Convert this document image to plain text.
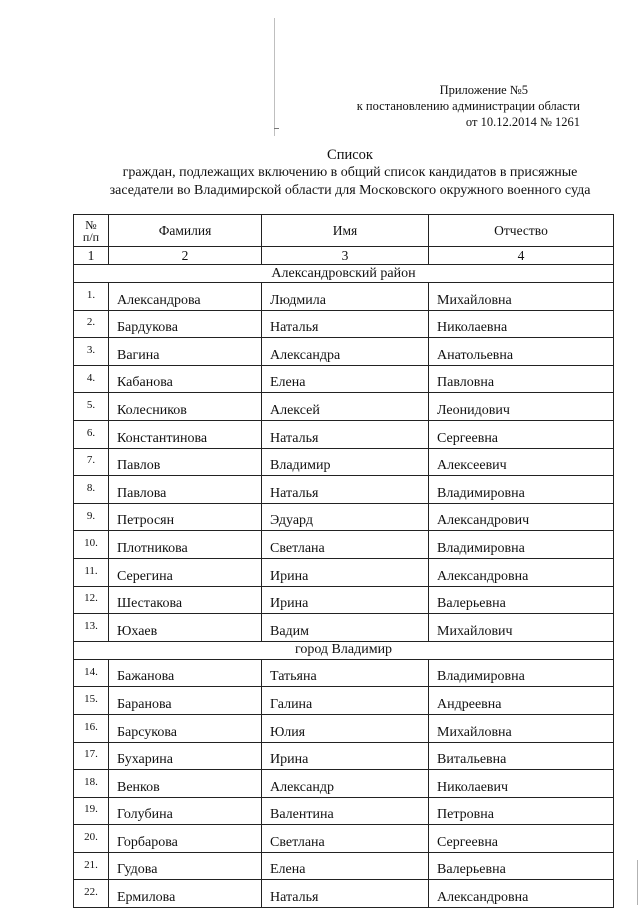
Приложение №5
к постановлению администрации области
от 10.12.2014 № 1261
Список
граждан, подлежащих включению в общий список кандидатов в присяжные
заседатели во Владимирской области для Московского окружного военного суда
№
п/п	Фамилия	Имя	Отчество
1	2	3	4
Александровский район			
1.	Александрова	Людмила	Михайловна
2.	Бардукова	Наталья	Николаевна
3.	Вагина	Александра	Анатольевна
4.	Кабанова	Елена	Павловна
5.	Колесников	Алексей	Леонидович
6.	Константинова	Наталья	Сергеевна
7.	Павлов	Владимир	Алексеевич
8.	Павлова	Наталья	Владимировна
9.	Петросян	Эдуард	Александрович
10.	Плотникова	Светлана	Владимировна
11.	Серегина	Ирина	Александровна
12.	Шестакова	Ирина	Валерьевна
13.	Юхаев	Вадим	Михайлович
город Владимир			
14.	Бажанова	Татьяна	Владимировна
15.	Баранова	Галина	Андреевна
16.	Барсукова	Юлия	Михайловна
17.	Бухарина	Ирина	Витальевна
18.	Венков	Александр	Николаевич
19.	Голубина	Валентина	Петровна
20.	Горбарова	Светлана	Сергеевна
21.	Гудова	Елена	Валерьевна
22.	Ермилова	Наталья	Александровна
